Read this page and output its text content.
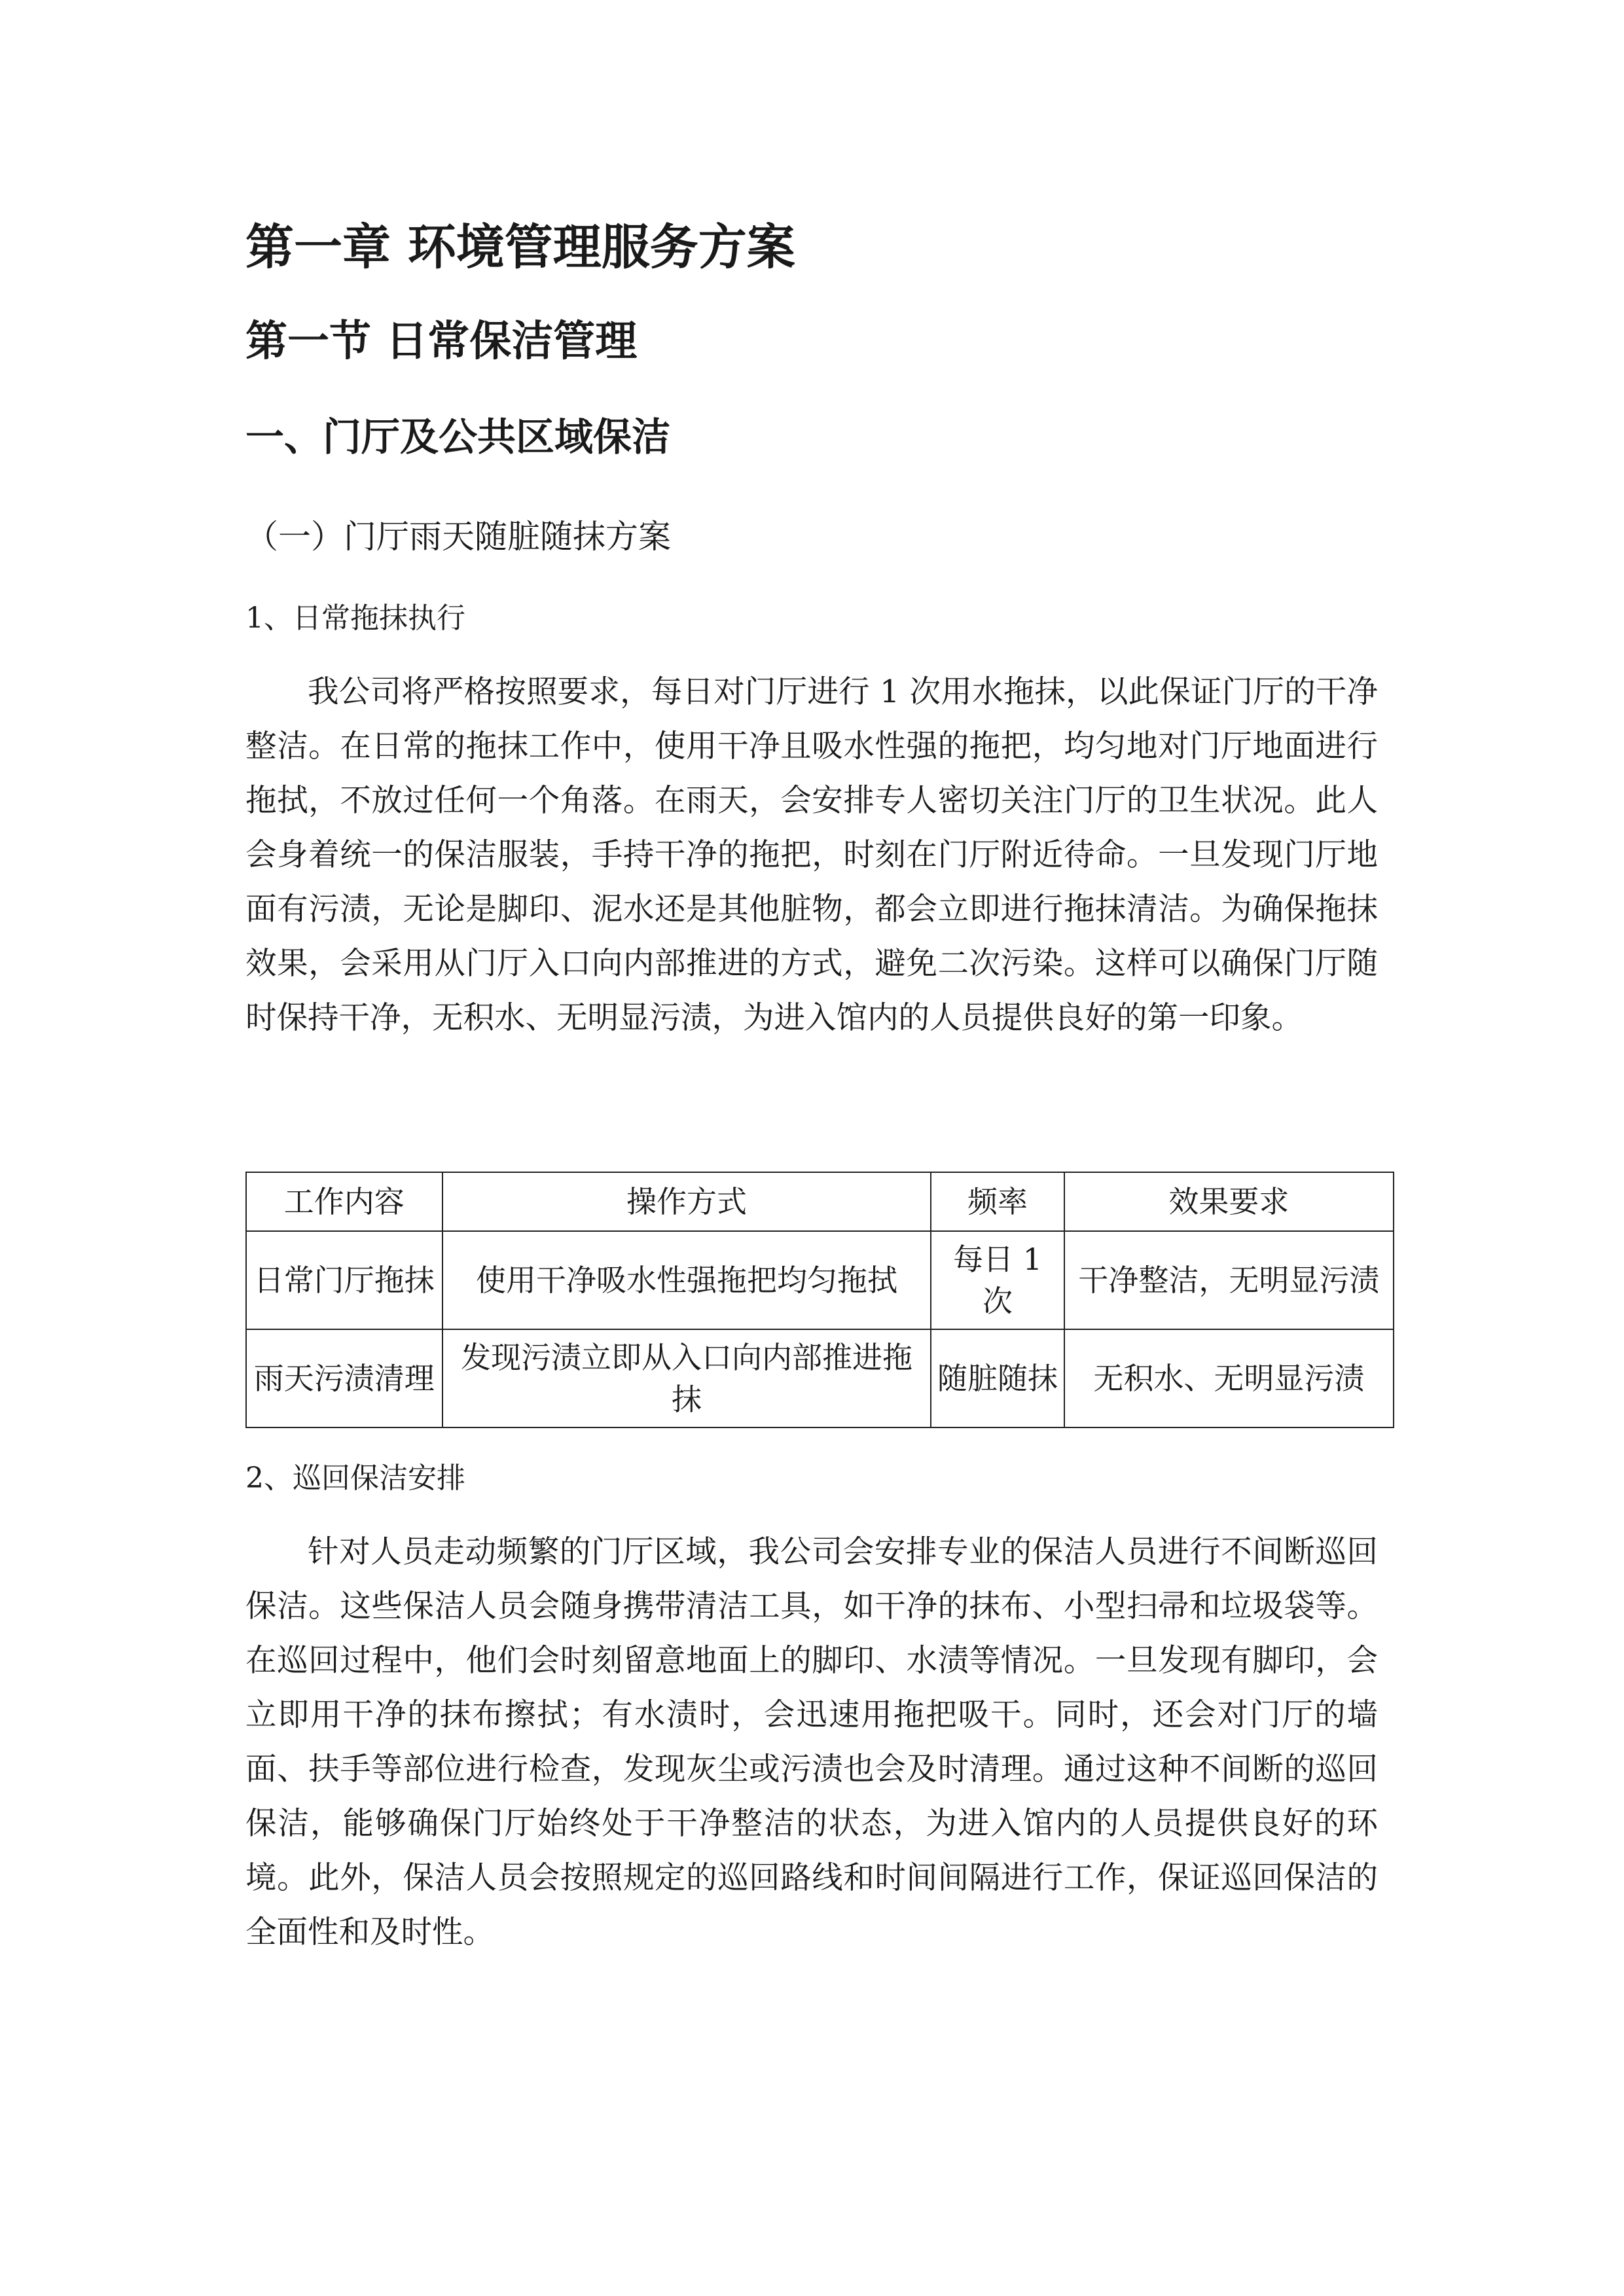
第一章 环境管理服务方案
第一节 日常保洁管理
一、门厅及公共区域保洁
（一）门厅雨天随脏随抹方案
1、日常拖抹执行

我公司将严格按照要求，每日对门厅进行 1 次用水拖抹，以此保证门厅的干净整洁。在日常的拖抹工作中，使用干净且吸水性强的拖把，均匀地对门厅地面进行拖拭，不放过任何一个角落。在雨天，会安排专人密切关注门厅的卫生状况。此人会身着统一的保洁服装，手持干净的拖把，时刻在门厅附近待命。一旦发现门厅地面有污渍，无论是脚印、泥水还是其他脏物，都会立即进行拖抹清洁。为确保拖抹效果，会采用从门厅入口向内部推进的方式，避免二次污染。这样可以确保门厅随时保持干净，无积水、无明显污渍，为进入馆内的人员提供良好的第一印象。

工作内容	操作方式	频率	效果要求
日常门厅拖抹	使用干净吸水性强拖把均匀拖拭	每日 1 次	干净整洁，无明显污渍
雨天污渍清理	发现污渍立即从入口向内部推进拖抹	随脏随抹	无积水、无明显污渍
2、巡回保洁安排

针对人员走动频繁的门厅区域，我公司会安排专业的保洁人员进行不间断巡回保洁。这些保洁人员会随身携带清洁工具，如干净的抹布、小型扫帚和垃圾袋等。在巡回过程中，他们会时刻留意地面上的脚印、水渍等情况。一旦发现有脚印，会立即用干净的抹布擦拭；有水渍时，会迅速用拖把吸干。同时，还会对门厅的墙面、扶手等部位进行检查，发现灰尘或污渍也会及时清理。通过这种不间断的巡回保洁，能够确保门厅始终处于干净整洁的状态，为进入馆内的人员提供良好的环境。此外，保洁人员会按照规定的巡回路线和时间间隔进行工作，保证巡回保洁的全面性和及时性。
